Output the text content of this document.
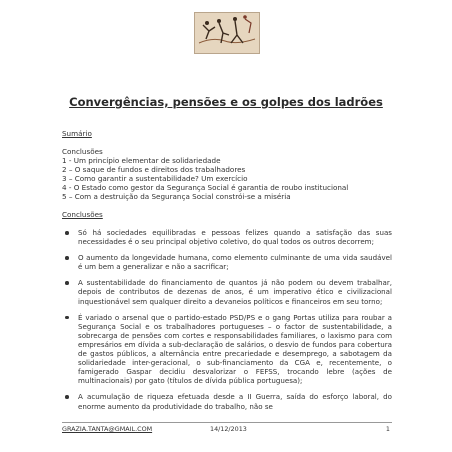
Convergências, pensões e os golpes dos ladrões
Sumário
Conclusões
1 - Um princípio elementar de solidariedade
2 – O saque de fundos e direitos dos trabalhadores
3 – Como garantir a sustentabilidade? Um exercício
4 - O Estado como gestor da Segurança Social é garantia de roubo institucional
5 – Com a destruição da Segurança Social constrói-se a miséria
Conclusões
Só há sociedades equilibradas e pessoas felizes quando a satisfação das suas necessidades é o seu principal objetivo coletivo, do qual todos os outros decorrem;
O aumento da longevidade humana, como elemento culminante de uma vida saudável é um bem a generalizar e não a sacrificar;
A sustentabilidade do financiamento de quantos já não podem ou devem trabalhar, depois de contributos de dezenas de anos, é um imperativo ético e civilizacional inquestionável sem qualquer direito a devaneios políticos e financeiros em seu torno;
É variado o arsenal que o partido-estado PSD/PS e o gang Portas utiliza para roubar a Segurança Social e os trabalhadores portugueses – o factor de sustentabilidade, a sobrecarga de pensões com cortes e responsabilidades familiares, o laxismo para com empresários em dívida a sub-declaração de salários, o desvio de fundos para cobertura de gastos públicos, a alternância entre precariedade e desemprego, a sabotagem da solidariedade inter-geracional, o sub-financiamento da CGA e, recentemente, o famigerado Gaspar decidiu desvalorizar o FEFSS, trocando lebre (ações de multinacionais) por gato (títulos de dívida pública portuguesa);
A acumulação de riqueza efetuada desde a II Guerra, saída do esforço laboral, do enorme aumento da produtividade do trabalho, não se
GRAZIA.TANTA@GMAIL.COM	14/12/2013	1
